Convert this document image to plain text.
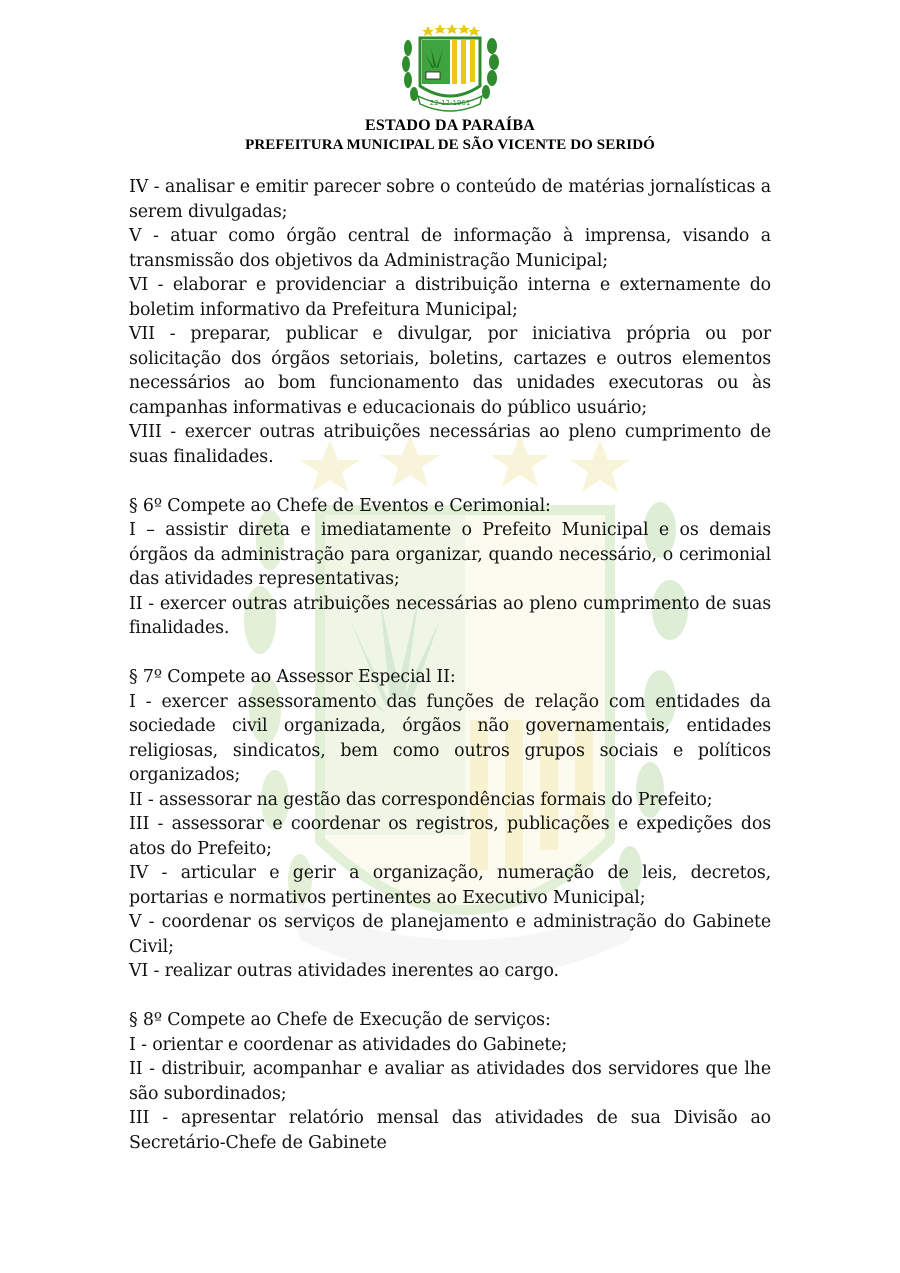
22-12-1961
ESTADO DA PARAÍBA
PREFEITURA MUNICIPAL DE SÃO VICENTE DO SERIDÓ

IV - analisar e emitir parecer sobre o conteúdo de matérias jornalísticas a serem divulgadas;

V - atuar como órgão central de informação à imprensa, visando a transmissão dos objetivos da Administração Municipal;

VI - elaborar e providenciar a distribuição interna e externamente do boletim informativo da Prefeitura Municipal;

VII - preparar, publicar e divulgar, por iniciativa própria ou por solicitação dos órgãos setoriais, boletins, cartazes e outros elementos necessários ao bom funcionamento das unidades executoras ou às campanhas informativas e educacionais do público usuário;

VIII - exercer outras atribuições necessárias ao pleno cumprimento de suas finalidades.

§ 6º Compete ao Chefe de Eventos e Cerimonial:

I – assistir direta e imediatamente o Prefeito Municipal e os demais órgãos da administração para organizar, quando necessário, o cerimonial das atividades representativas;

II - exercer outras atribuições necessárias ao pleno cumprimento de suas finalidades.

§ 7º Compete ao Assessor Especial II:

I - exercer assessoramento das funções de relação com entidades da sociedade civil organizada, órgãos não governamentais, entidades religiosas, sindicatos, bem como outros grupos sociais e políticos organizados;

II - assessorar na gestão das correspondências formais do Prefeito;

III - assessorar e coordenar os registros, publicações e expedições dos atos do Prefeito;

IV - articular e gerir a organização, numeração de leis, decretos, portarias e normativos pertinentes ao Executivo Municipal;

V - coordenar os serviços de planejamento e administração do Gabinete Civil;

VI - realizar outras atividades inerentes ao cargo.

§ 8º Compete ao Chefe de Execução de serviços:

I - orientar e coordenar as atividades do Gabinete;

II - distribuir, acompanhar e avaliar as atividades dos servidores que lhe são subordinados;

III - apresentar relatório mensal das atividades de sua Divisão ao Secretário-Chefe de Gabinete
